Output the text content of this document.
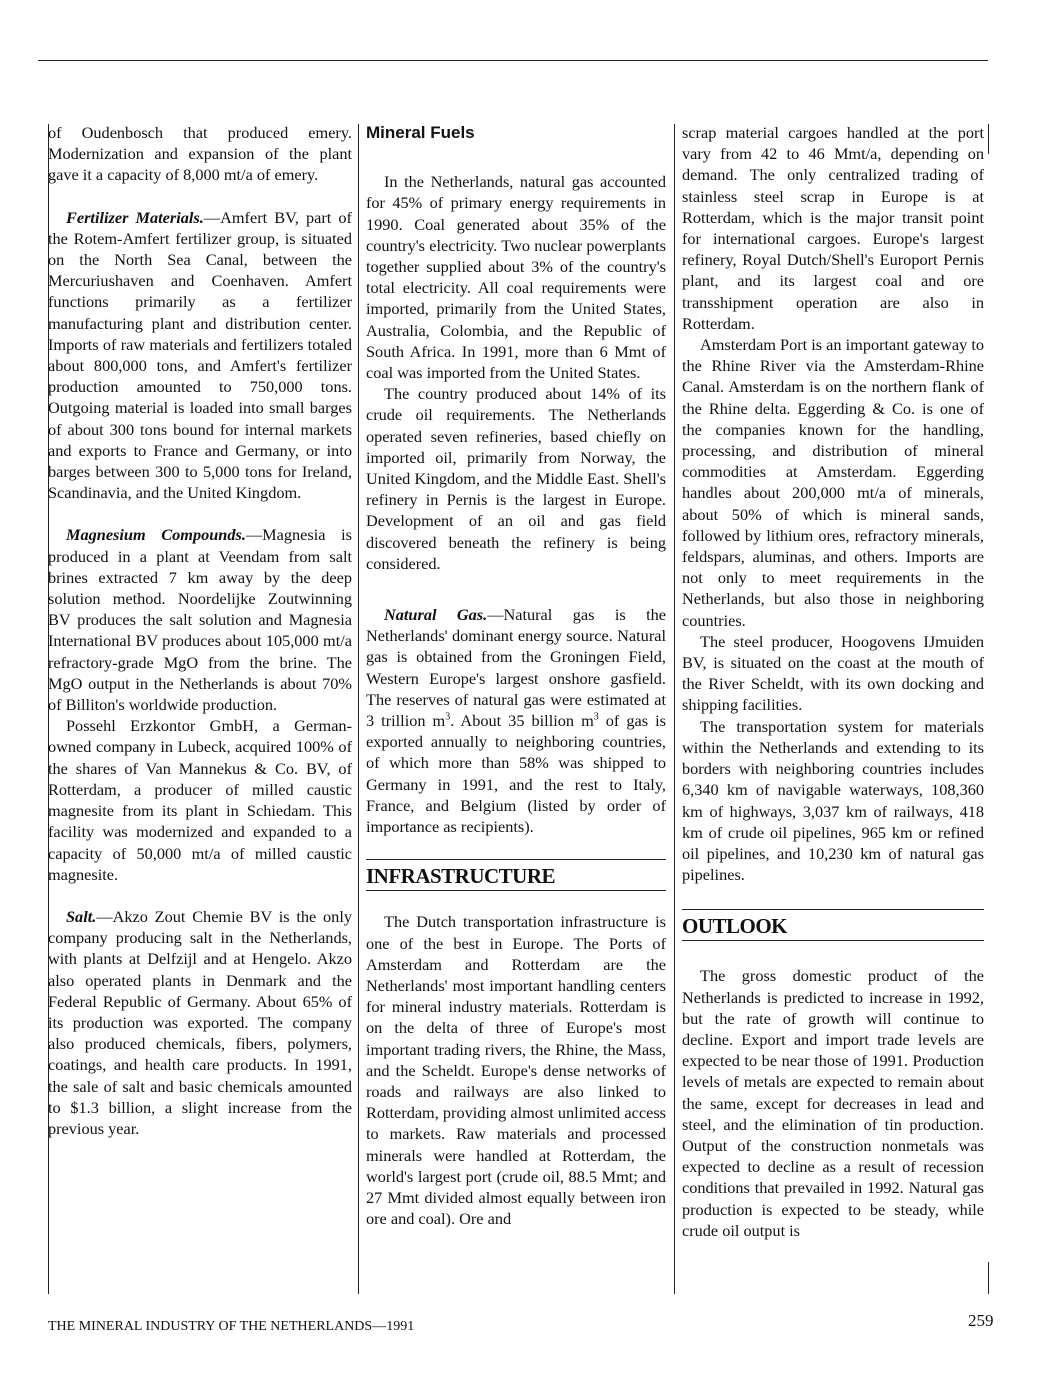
of Oudenbosch that produced emery. Modernization and expansion of the plant gave it a capacity of 8,000 mt/a of emery.

Fertilizer Materials.—Amfert BV, part of the Rotem-Amfert fertilizer group, is situated on the North Sea Canal, between the Mercuriushaven and Coenhaven. Amfert functions primarily as a fertilizer manufacturing plant and distribution center. Imports of raw materials and fertilizers totaled about 800,000 tons, and Amfert's fertilizer production amounted to 750,000 tons. Outgoing material is loaded into small barges of about 300 tons bound for internal markets and exports to France and Germany, or into barges between 300 to 5,000 tons for Ireland, Scandinavia, and the United Kingdom.

Magnesium Compounds.—Magnesia is produced in a plant at Veendam from salt brines extracted 7 km away by the deep solution method. Noordelijke Zoutwinning BV produces the salt solution and Magnesia International BV produces about 105,000 mt/a refractory-grade MgO from the brine. The MgO output in the Netherlands is about 70% of Billiton's worldwide production.

Possehl Erzkontor GmbH, a German-owned company in Lubeck, acquired 100% of the shares of Van Mannekus & Co. BV, of Rotterdam, a producer of milled caustic magnesite from its plant in Schiedam. This facility was modernized and expanded to a capacity of 50,000 mt/a of milled caustic magnesite.

Salt.—Akzo Zout Chemie BV is the only company producing salt in the Netherlands, with plants at Delfzijl and at Hengelo. Akzo also operated plants in Denmark and the Federal Republic of Germany. About 65% of its production was exported. The company also produced chemicals, fibers, polymers, coatings, and health care products. In 1991, the sale of salt and basic chemicals amounted to $1.3 billion, a slight increase from the previous year.

Mineral Fuels

In the Netherlands, natural gas accounted for 45% of primary energy requirements in 1990. Coal generated about 35% of the country's electricity. Two nuclear powerplants together supplied about 3% of the country's total electricity. All coal requirements were imported, primarily from the United States, Australia, Colombia, and the Republic of South Africa. In 1991, more than 6 Mmt of coal was imported from the United States.

The country produced about 14% of its crude oil requirements. The Netherlands operated seven refineries, based chiefly on imported oil, primarily from Norway, the United Kingdom, and the Middle East. Shell's refinery in Pernis is the largest in Europe. Development of an oil and gas field discovered beneath the refinery is being considered.

Natural Gas.—Natural gas is the Netherlands' dominant energy source. Natural gas is obtained from the Groningen Field, Western Europe's largest onshore gasfield. The reserves of natural gas were estimated at 3 trillion $m^3$. About 35 billion $m^3$ of gas is exported annually to neighboring countries, of which more than 58% was shipped to Germany in 1991, and the rest to Italy, France, and Belgium (listed by order of importance as recipients).

INFRASTRUCTURE

The Dutch transportation infrastructure is one of the best in Europe. The Ports of Amsterdam and Rotterdam are the Netherlands' most important handling centers for mineral industry materials. Rotterdam is on the delta of three of Europe's most important trading rivers, the Rhine, the Mass, and the Scheldt. Europe's dense networks of roads and railways are also linked to Rotterdam, providing almost unlimited access to markets. Raw materials and processed minerals were handled at Rotterdam, the world's largest port (crude oil, 88.5 Mmt; and 27 Mmt divided almost equally between iron ore and coal). Ore and

scrap material cargoes handled at the port vary from 42 to 46 Mmt/a, depending on demand. The only centralized trading of stainless steel scrap in Europe is at Rotterdam, which is the major transit point for international cargoes. Europe's largest refinery, Royal Dutch/Shell's Europort Pernis plant, and its largest coal and ore transshipment operation are also in Rotterdam.

Amsterdam Port is an important gateway to the Rhine River via the Amsterdam-Rhine Canal. Amsterdam is on the northern flank of the Rhine delta. Eggerding & Co. is one of the companies known for the handling, processing, and distribution of mineral commodities at Amsterdam. Eggerding handles about 200,000 mt/a of minerals, about 50% of which is mineral sands, followed by lithium ores, refractory minerals, feldspars, aluminas, and others. Imports are not only to meet requirements in the Netherlands, but also those in neighboring countries.

The steel producer, Hoogovens IJmuiden BV, is situated on the coast at the mouth of the River Scheldt, with its own docking and shipping facilities.

The transportation system for materials within the Netherlands and extending to its borders with neighboring countries includes 6,340 km of navigable waterways, 108,360 km of highways, 3,037 km of railways, 418 km of crude oil pipelines, 965 km or refined oil pipelines, and 10,230 km of natural gas pipelines.

OUTLOOK

The gross domestic product of the Netherlands is predicted to increase in 1992, but the rate of growth will continue to decline. Export and import trade levels are expected to be near those of 1991. Production levels of metals are expected to remain about the same, except for decreases in lead and steel, and the elimination of tin production. Output of the construction nonmetals was expected to decline as a result of recession conditions that prevailed in 1992. Natural gas production is expected to be steady, while crude oil output is

THE MINERAL INDUSTRY OF THE NETHERLANDS—1991	259
